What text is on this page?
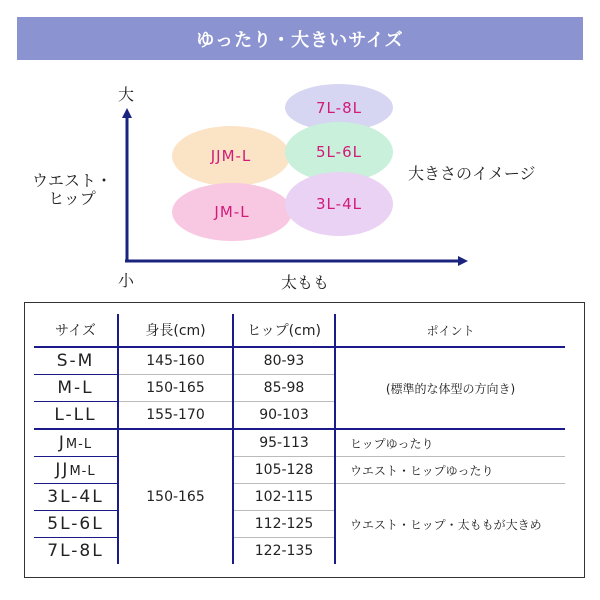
ゆったり・大きいサイズ
大
小
ウエスト・
ヒップ
太もも
大きさのイメージ
JJM-L
JM-L
7L-8L
5L-6L
3L-4L
サイズ	身長(cm)	ヒップ(cm)	ポイント
S-M	145-160	80-93	(標準的な体型の方向き)
M-L	150-165	85-98	
L-LL	155-170	90-103	
JM-L	150-165	95-113	ヒップゆったり
JJM-L		105-128	ウエスト・ヒップゆったり
3L-4L		102-115	ウエスト・ヒップ・太ももが大きめ
5L-6L		112-125	
7L-8L		122-135	
